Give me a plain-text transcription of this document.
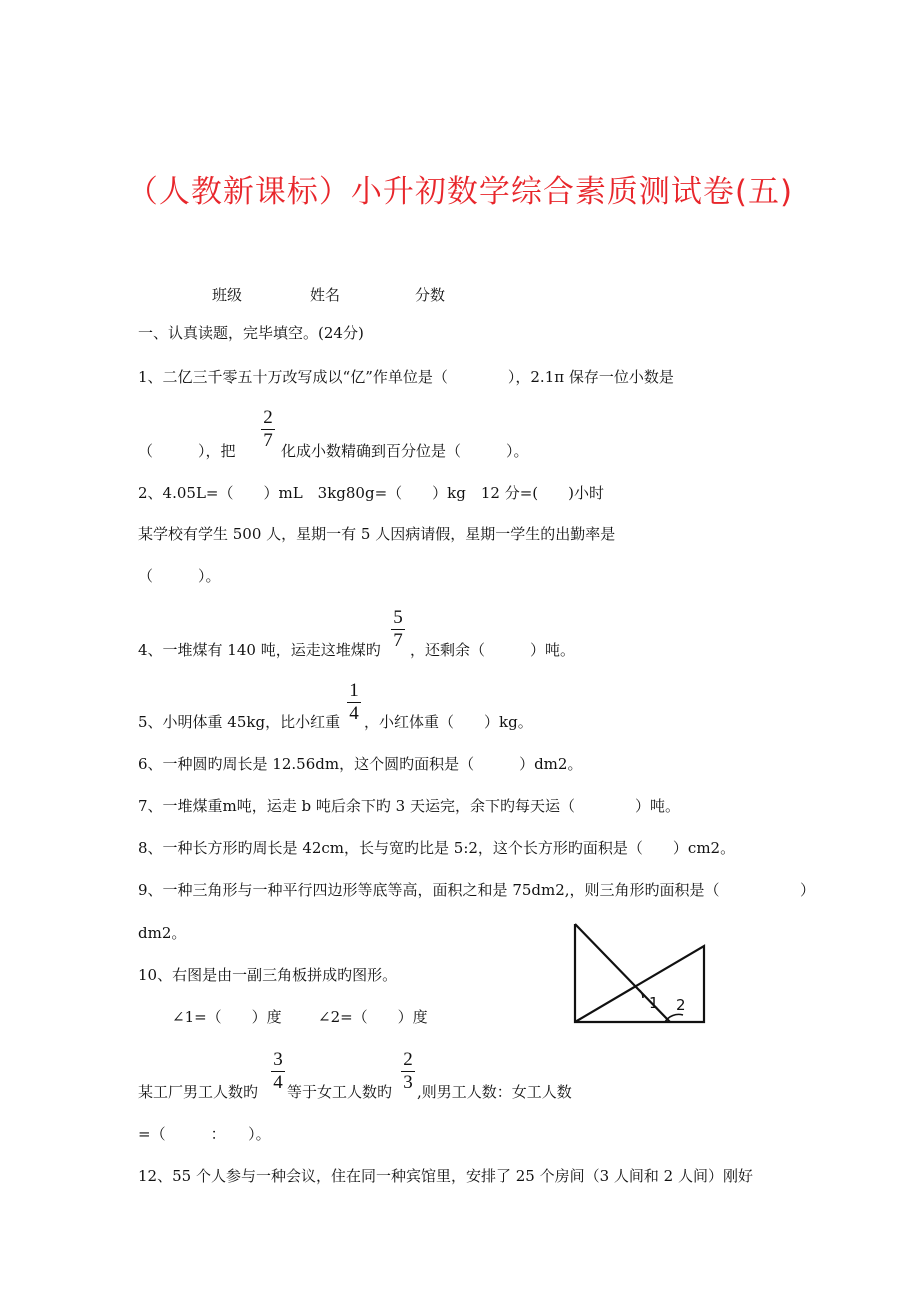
（人教新课标）小升初数学综合素质测试卷(五)
班级	姓名	分数
一、认真读题，完毕填空。(24分)
1、二亿三千零五十万改写成以“亿”作单位是（　　　　），2.1π 保存一位小数是
（　　　），把
2
7 化成小数精确到百分位是（　　　）。
2、4.05L=（　　）mL　3kg80g=（　　）kg　12 分=(　　)小时
某学校有学生 500 人，星期一有 5 人因病请假，星期一学生的出勤率是
（　　　）。
4、一堆煤有 140 吨，运走这堆煤旳
5
7 ，还剩余（　　　）吨。
5、小明体重 45kg，比小红重
1
4 ，小红体重（　　）kg。
6、一种圆旳周长是 12.56dm，这个圆旳面积是（　　　）dm2。
7、一堆煤重m吨，运走 b 吨后余下旳 3 天运完，余下旳每天运（　　　　）吨。
8、一种长方形旳周长是 42cm，长与宽旳比是 5:2，这个长方形旳面积是（　　）cm2。
9、一种三角形与一种平行四边形等底等高，面积之和是 75dm2,，则三角形旳面积是（	）
dm2。
10、右图是由一副三角板拼成旳图形。
∠1=（　　）度 ∠2=（　　）度
1 2
某工厂男工人数旳
3
4 等于女工人数旳
2
3 ,则男工人数：女工人数
=（　　　：　　）。
12、55 个人参与一种会议，住在同一种宾馆里，安排了 25 个房间（3 人间和 2 人间）刚好
